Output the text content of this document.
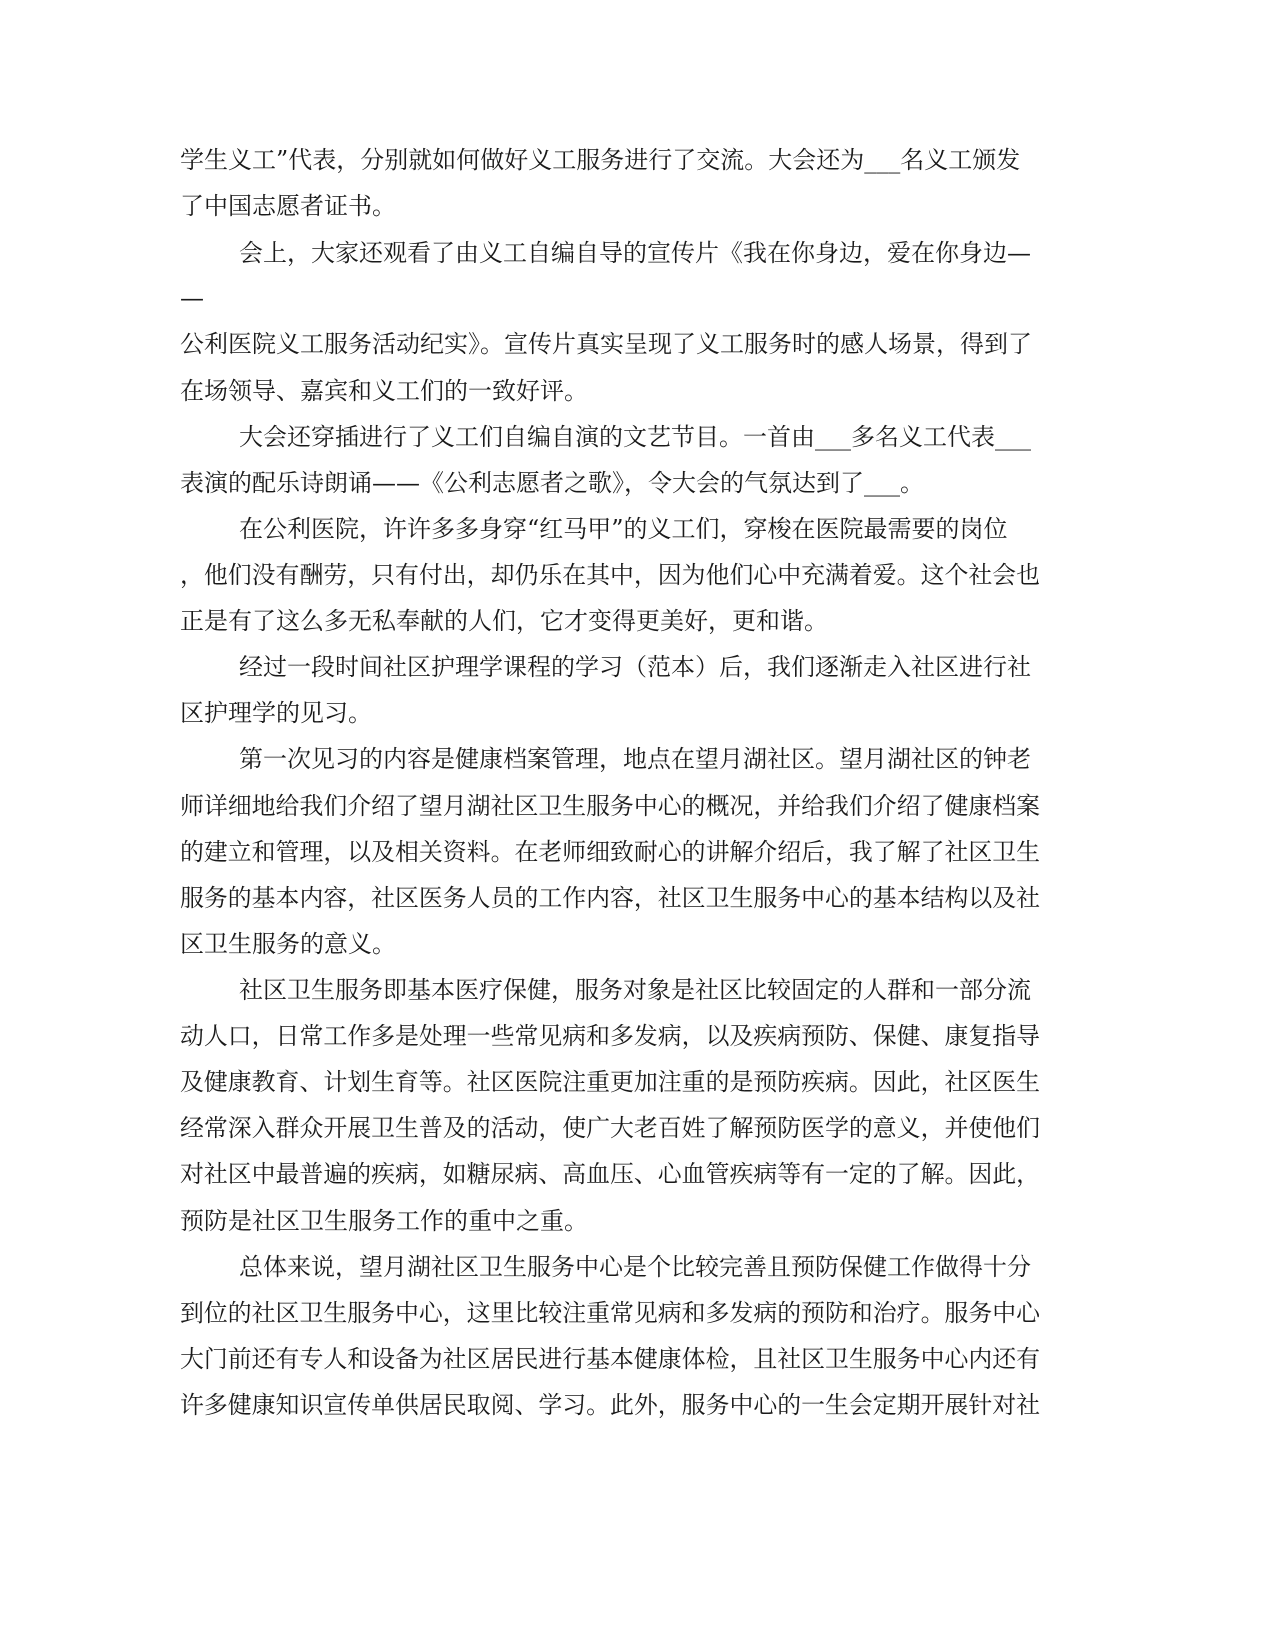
学生义工”代表，分别就如何做好义工服务进行了交流。大会还为___名义工颁发

了中国志愿者证书。

会上，大家还观看了由义工自编自导的宣传片《我在你身边，爱在你身边—

—

公利医院义工服务活动纪实》。宣传片真实呈现了义工服务时的感人场景，得到了

在场领导、嘉宾和义工们的一致好评。

大会还穿插进行了义工们自编自演的文艺节目。一首由___多名义工代表___

表演的配乐诗朗诵——《公利志愿者之歌》，令大会的气氛达到了___。

在公利医院，许许多多身穿“红马甲”的义工们，穿梭在医院最需要的岗位

，他们没有酬劳，只有付出，却仍乐在其中，因为他们心中充满着爱。这个社会也

正是有了这么多无私奉献的人们，它才变得更美好，更和谐。

经过一段时间社区护理学课程的学习（范本）后，我们逐渐走入社区进行社

区护理学的见习。

第一次见习的内容是健康档案管理，地点在望月湖社区。望月湖社区的钟老

师详细地给我们介绍了望月湖社区卫生服务中心的概况，并给我们介绍了健康档案

的建立和管理，以及相关资料。在老师细致耐心的讲解介绍后，我了解了社区卫生

服务的基本内容，社区医务人员的工作内容，社区卫生服务中心的基本结构以及社

区卫生服务的意义。

社区卫生服务即基本医疗保健，服务对象是社区比较固定的人群和一部分流

动人口，日常工作多是处理一些常见病和多发病，以及疾病预防、保健、康复指导

及健康教育、计划生育等。社区医院注重更加注重的是预防疾病。因此，社区医生

经常深入群众开展卫生普及的活动，使广大老百姓了解预防医学的意义，并使他们

对社区中最普遍的疾病，如糖尿病、高血压、心血管疾病等有一定的了解。因此，

预防是社区卫生服务工作的重中之重。

总体来说，望月湖社区卫生服务中心是个比较完善且预防保健工作做得十分

到位的社区卫生服务中心，这里比较注重常见病和多发病的预防和治疗。服务中心

大门前还有专人和设备为社区居民进行基本健康体检，且社区卫生服务中心内还有

许多健康知识宣传单供居民取阅、学习。此外，服务中心的一生会定期开展针对社
